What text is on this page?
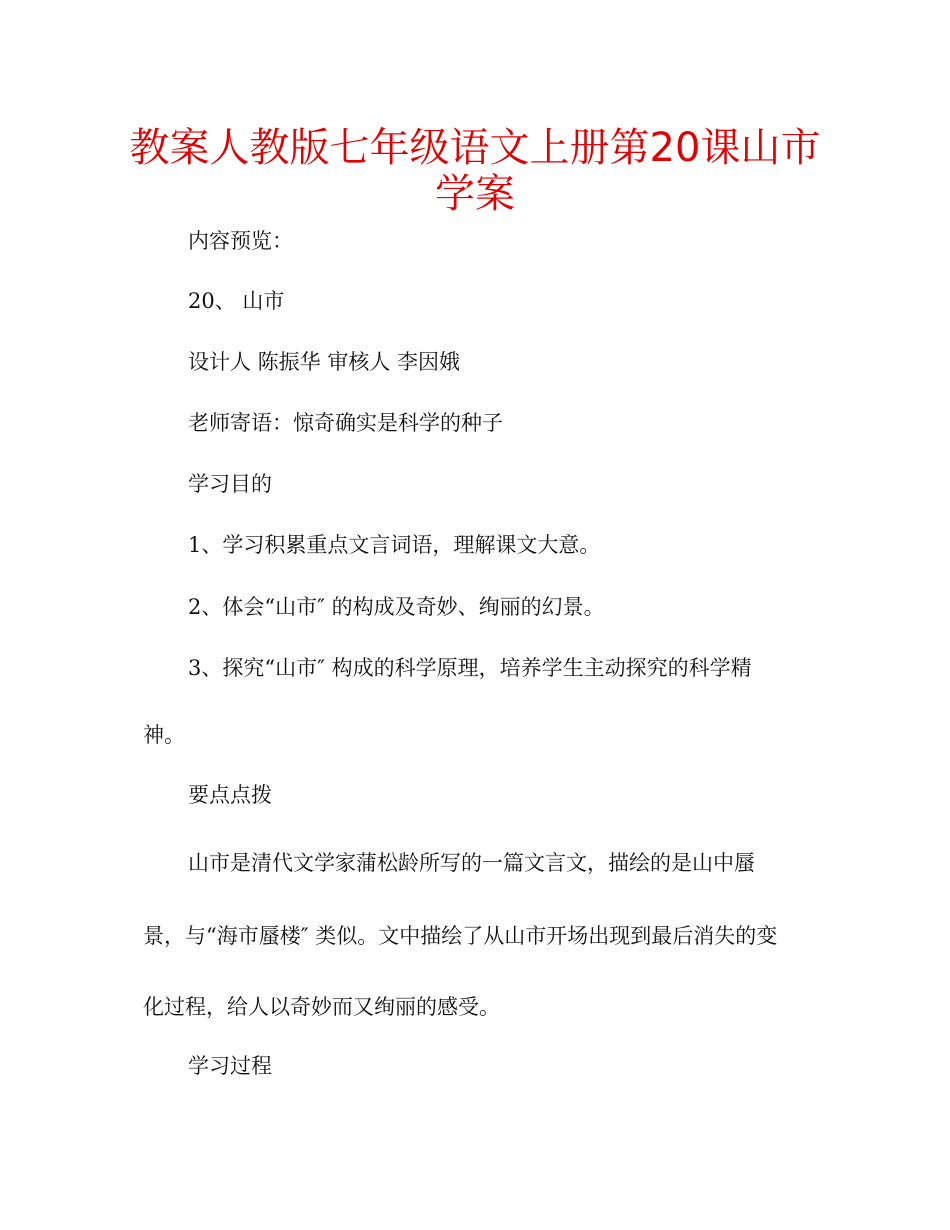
教案人教版七年级语文上册第20课山市
学案

内容预览：

20、 山市

设计人 陈振华 审核人 李因娥

老师寄语：惊奇确实是科学的种子

学习目的

1、学习积累重点文言词语，理解课文大意。

2、体会“山市″ 的构成及奇妙、绚丽的幻景。

3、探究“山市″ 构成的科学原理，培养学生主动探究的科学精

神。

要点点拨

山市是清代文学家蒲松龄所写的一篇文言文，描绘的是山中蜃

景，与“海市蜃楼″ 类似。文中描绘了从山市开场出现到最后消失的变

化过程，给人以奇妙而又绚丽的感受。

学习过程
